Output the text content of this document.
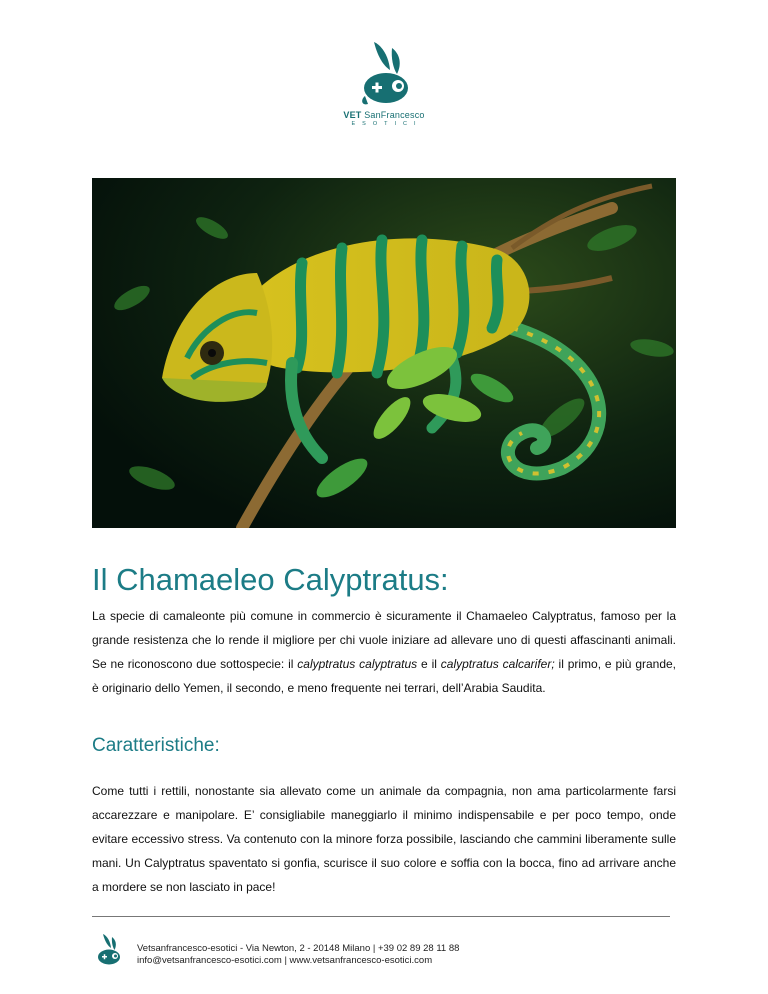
VET SanFrancesco
ESOTICI
Il Chamaeleo Calyptratus:

La specie di camaleonte più comune in commercio è sicuramente il Chamaeleo Calyptratus, famoso per la grande resistenza che lo rende il migliore per chi vuole iniziare ad allevare uno di questi affascinanti animali. Se ne riconoscono due sottospecie: il calyptratus calyptratus e il calyptratus calcarifer; il primo, e più grande, è originario dello Yemen, il secondo, e meno frequente nei terrari, dell’Arabia Saudita.

Caratteristiche:

Come tutti i rettili, nonostante sia allevato come un animale da compagnia, non ama particolarmente farsi accarezzare e manipolare. E’ consigliabile maneggiarlo il minimo indispensabile e per poco tempo, onde evitare eccessivo stress. Va contenuto con la minore forza possibile, lasciando che cammini liberamente sulle mani. Un Calyptratus spaventato si gonfia, scurisce il suo colore e soffia con la bocca, fino ad arrivare anche a mordere se non lasciato in pace!

Vetsanfrancesco-esotici - Via Newton, 2 - 20148 Milano | +39 02 89 28 11 88
info@vetsanfrancesco-esotici.com | www.vetsanfrancesco-esotici.com
